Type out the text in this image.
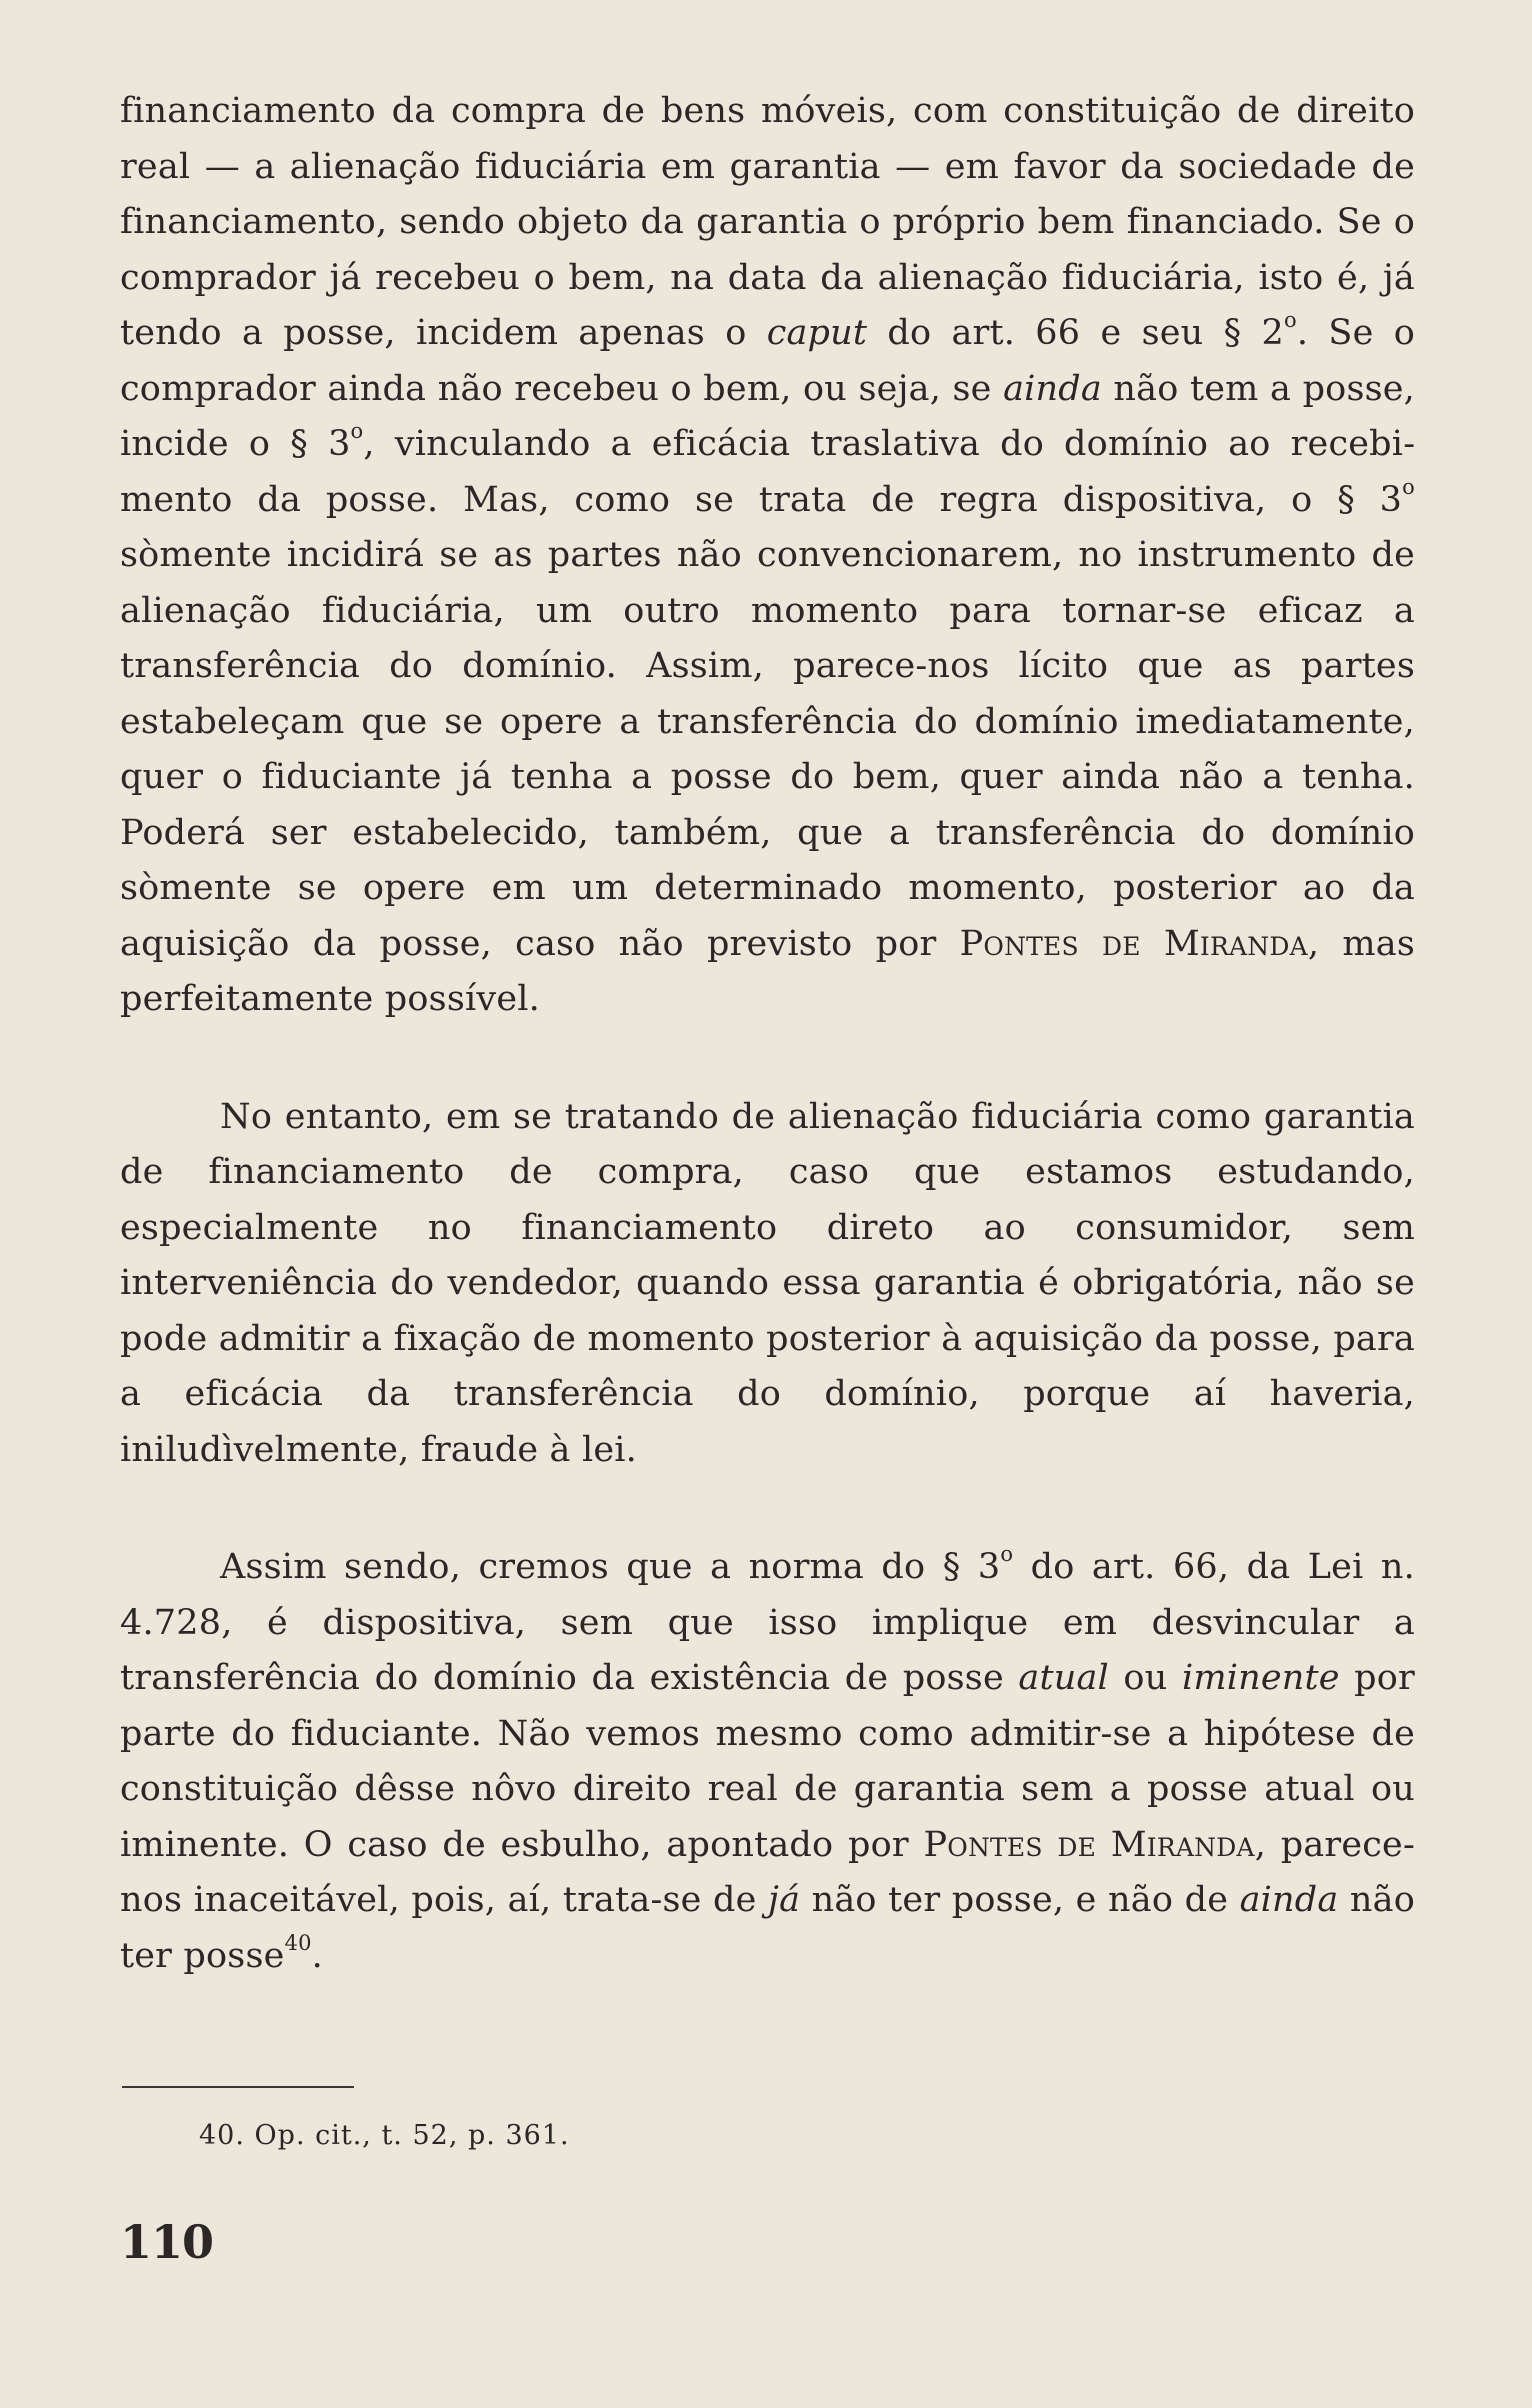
financiamento da compra de bens móveis, com constituição de direito real — a alienação fiduciária em garantia — em favor da sociedade de financiamento, sendo objeto da garantia o próprio bem financiado. Se o comprador já recebeu o bem, na data da alienação fiduciária, isto é, já tendo a posse, incidem apenas o caput do art. 66 e seu § 2$^o$. Se o comprador ainda não recebeu o bem, ou seja, se ainda não tem a posse, incide o § 3$^o$, vinculando a eficácia traslativa do domínio ao recebimento da posse. Mas, como se trata de regra dispositiva, o § 3$^o$ sòmente incidirá se as partes não convencionarem, no instrumento de alienação fiduciária, um outro momento para tornar-se eficaz a transferência do domínio. Assim, parece-nos lícito que as partes estabeleçam que se opere a transferência do domínio imediatamente, quer o fiduciante já tenha a posse do bem, quer ainda não a tenha. Poderá ser estabelecido, também, que a transferência do domínio sòmente se opere em um determinado momento, posterior ao da aquisição da posse, caso não previsto por Pontes de Miranda, mas perfeitamente possível.

No entanto, em se tratando de alienação fiduciária como garantia de financiamento de compra, caso que estamos estudando, especialmente no financiamento direto ao consumidor, sem interveniência do vendedor, quando essa garantia é obrigatória, não se pode admitir a fixação de momento posterior à aquisição da posse, para a eficácia da transferência do domínio, porque aí haveria, iniludìvelmente, fraude à lei.

Assim sendo, cremos que a norma do § 3$^o$ do art. 66, da Lei n. 4.728, é dispositiva, sem que isso implique em desvincular a transferência do domínio da existência de posse atual ou iminente por parte do fiduciante. Não vemos mesmo como admitir-se a hipótese de constituição dêsse nôvo direito real de garantia sem a posse atual ou iminente. O caso de esbulho, apontado por Pontes de Miranda, parece-nos inaceitável, pois, aí, trata-se de já não ter posse, e não de ainda não ter posse$^{40}$.

40. Op. cit., t. 52, p. 361.
110
